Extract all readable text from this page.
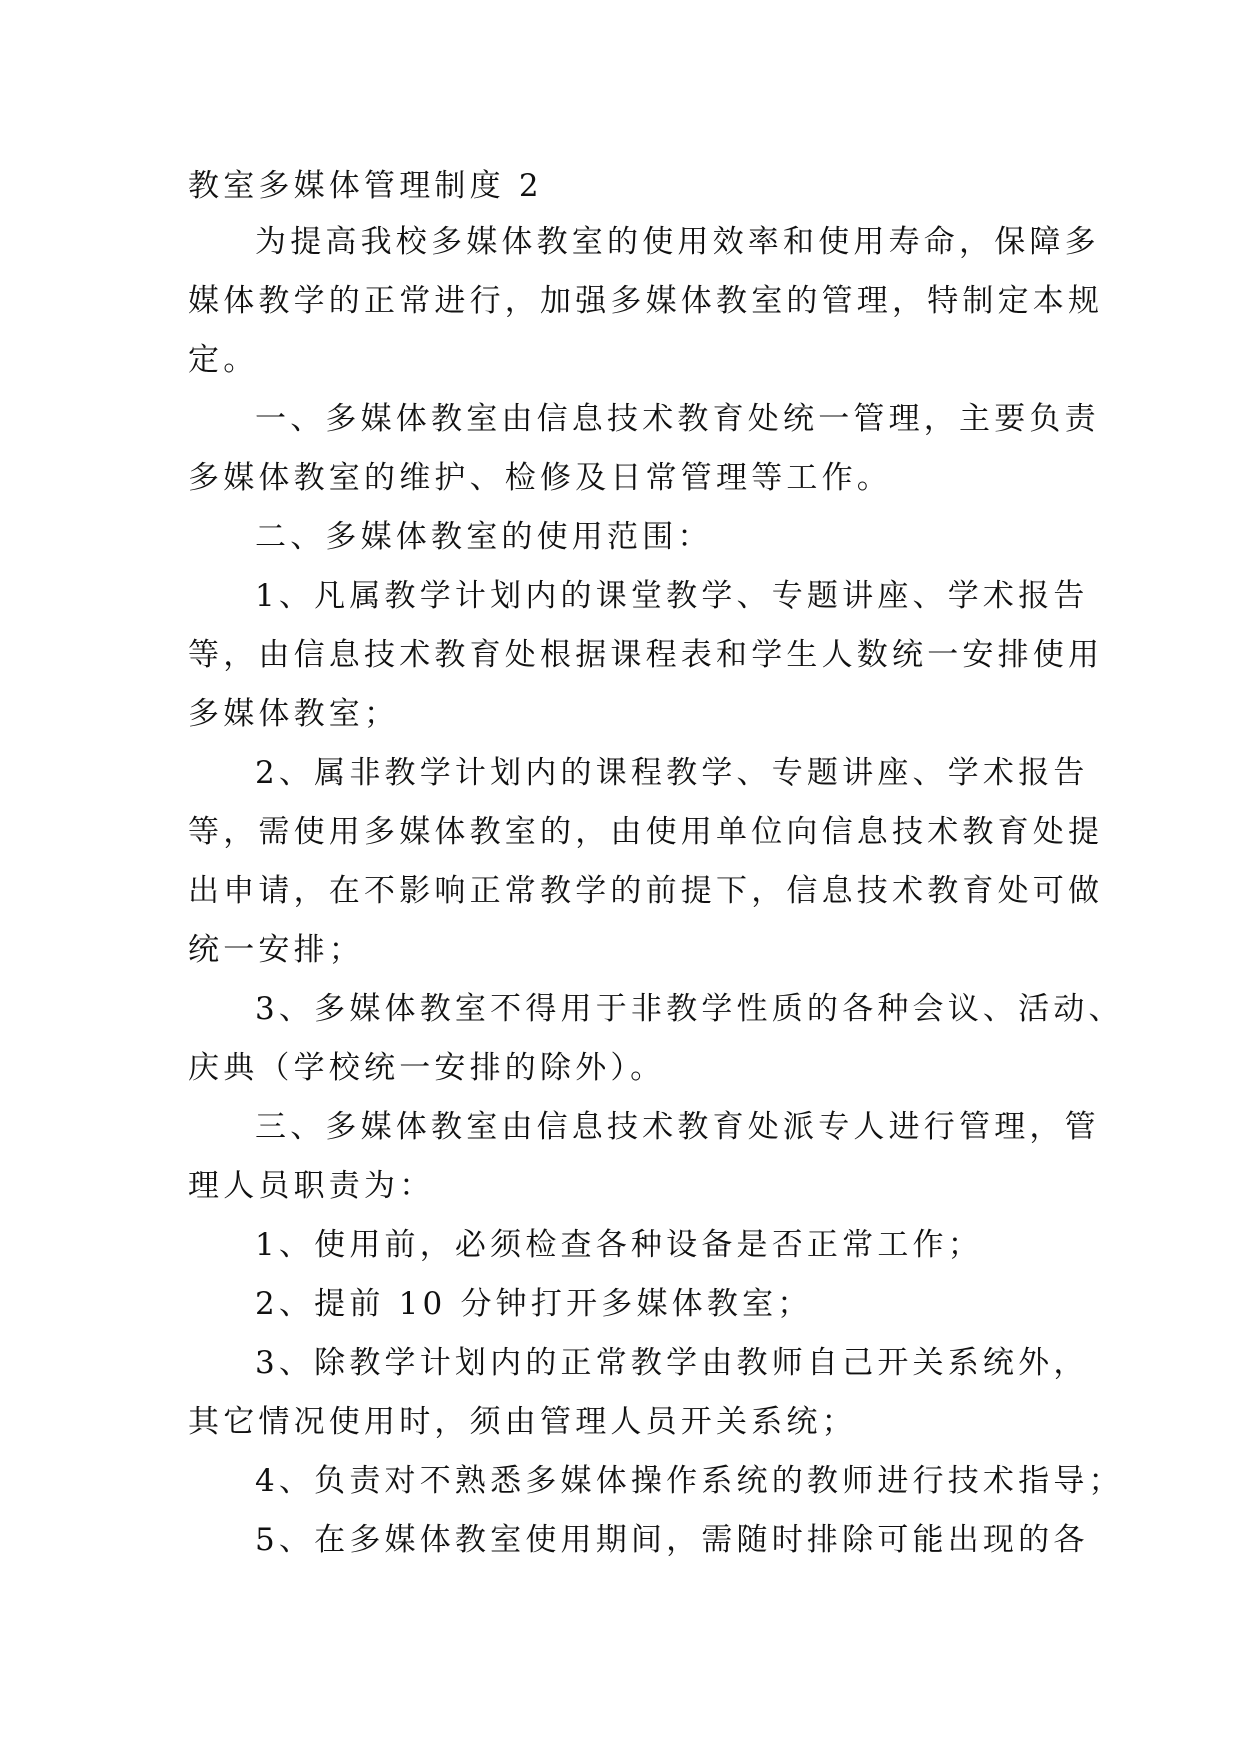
教室多媒体管理制度 2

为提高我校多媒体教室的使用效率和使用寿命，保障多

媒体教学的正常进行，加强多媒体教室的管理，特制定本规

定。

一、多媒体教室由信息技术教育处统一管理，主要负责

多媒体教室的维护、检修及日常管理等工作。

二、多媒体教室的使用范围：

1、凡属教学计划内的课堂教学、专题讲座、学术报告

等，由信息技术教育处根据课程表和学生人数统一安排使用

多媒体教室；

2、属非教学计划内的课程教学、专题讲座、学术报告

等，需使用多媒体教室的，由使用单位向信息技术教育处提

出申请，在不影响正常教学的前提下，信息技术教育处可做

统一安排；

3、多媒体教室不得用于非教学性质的各种会议、活动、

庆典（学校统一安排的除外）。

三、多媒体教室由信息技术教育处派专人进行管理，管

理人员职责为：

1、使用前，必须检查各种设备是否正常工作；

2、提前 10 分钟打开多媒体教室；

3、除教学计划内的正常教学由教师自己开关系统外，

其它情况使用时，须由管理人员开关系统；

4、负责对不熟悉多媒体操作系统的教师进行技术指导；

5、在多媒体教室使用期间，需随时排除可能出现的各
